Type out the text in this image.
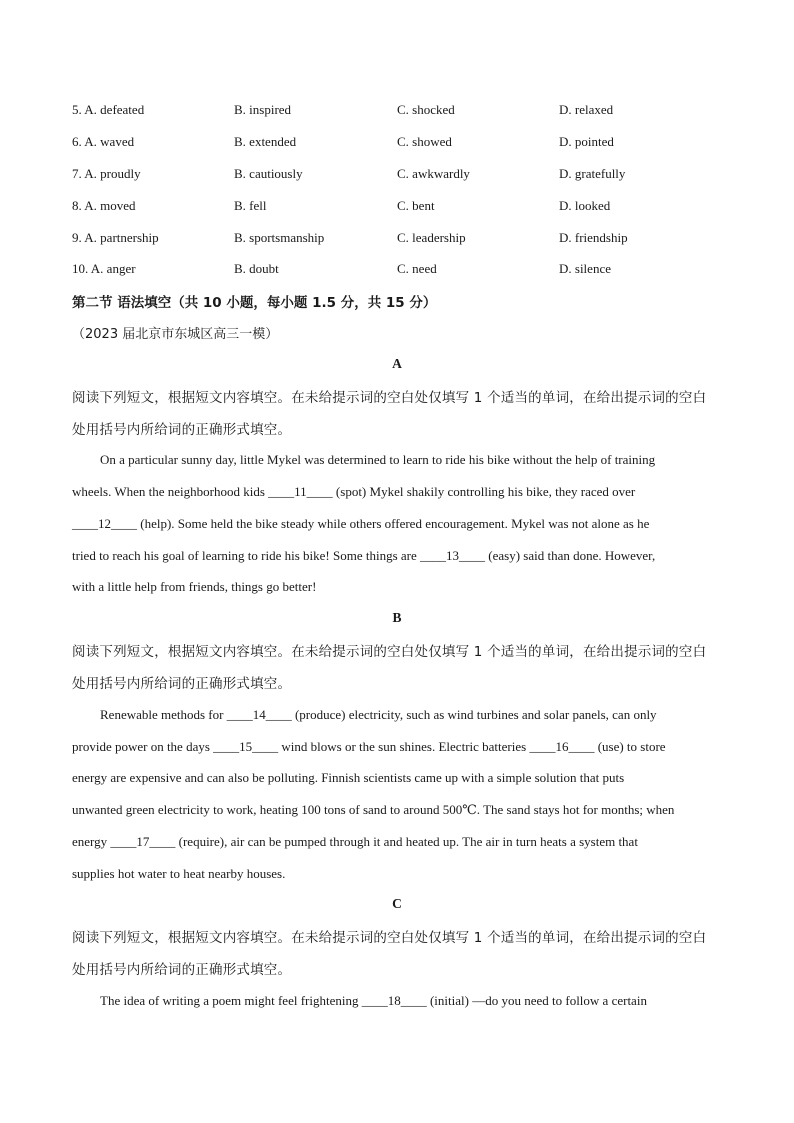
5. A. defeated	B. inspired	C. shocked	D. relaxed
6. A. waved	B. extended	C. showed	D. pointed
7. A. proudly	B. cautiously	C. awkwardly	D. gratefully
8. A. moved	B. fell	C. bent	D. looked
9. A. partnership	B. sportsmanship	C. leadership	D. friendship
10. A. anger	B. doubt	C. need	D. silence
第二节 语法填空（共 10 小题，每小题 1.5 分，共 15 分）
（2023 届北京市东城区高三一模）
A
阅读下列短文，根据短文内容填空。在未给提示词的空白处仅填写 1 个适当的单词，在给出提示词的空白
处用括号内所给词的正确形式填空。
On a particular sunny day, little Mykel was determined to learn to ride his bike without the help of training
wheels. When the neighborhood kids ____11____ (spot) Mykel shakily controlling his bike, they raced over
____12____ (help). Some held the bike steady while others offered encouragement. Mykel was not alone as he
tried to reach his goal of learning to ride his bike! Some things are ____13____ (easy) said than done. However,
with a little help from friends, things go better!
B
阅读下列短文，根据短文内容填空。在未给提示词的空白处仅填写 1 个适当的单词，在给出提示词的空白
处用括号内所给词的正确形式填空。
Renewable methods for ____14____ (produce) electricity, such as wind turbines and solar panels, can only
provide power on the days ____15____ wind blows or the sun shines. Electric batteries ____16____ (use) to store
energy are expensive and can also be polluting. Finnish scientists came up with a simple solution that puts
unwanted green electricity to work, heating 100 tons of sand to around 500℃. The sand stays hot for months; when
energy ____17____ (require), air can be pumped through it and heated up. The air in turn heats a system that
supplies hot water to heat nearby houses.
C
阅读下列短文，根据短文内容填空。在未给提示词的空白处仅填写 1 个适当的单词，在给出提示词的空白
处用括号内所给词的正确形式填空。
The idea of writing a poem might feel frightening ____18____ (initial) —do you need to follow a certain
